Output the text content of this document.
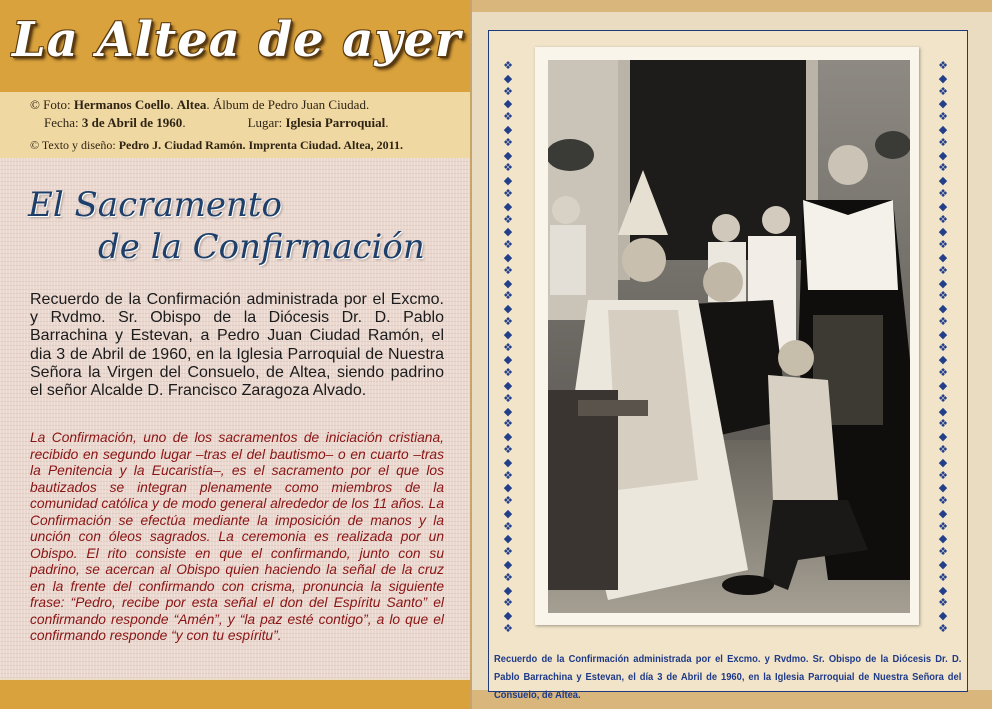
La Altea de ayer
© Foto: Hermanos Coello. Altea. Álbum de Pedro Juan Ciudad.
Fecha: 3 de Abril de 1960.	Lugar: Iglesia Parroquial.
© Texto y diseño: Pedro J. Ciudad Ramón. Imprenta Ciudad. Altea, 2011.
El Sacramento
de la Confirmación
Recuerdo de la Confirmación administrada por el Excmo. y Rvdmo. Sr. Obispo de la Diócesis Dr. D. Pablo Barrachina y Estevan, a Pedro Juan Ciudad Ramón, el dia 3 de Abril de 1960, en la Iglesia Parroquial de Nuestra Señora la Virgen del Consuelo, de Altea, siendo padrino el señor Alcalde D. Francisco Zaragoza Alvado.
La Confirmación, uno de los sacramentos de iniciación cristiana, recibido en segundo lugar –tras el del bautismo– o en cuarto –tras la Penitencia y la Eucaristía–, es el sacramento por el que los bautizados se integran plenamente como miembros de la comunidad católica y de modo general alrededor de los 11 años. La Confirmación se efectúa mediante la imposición de manos y la unción con óleos sagrados. La ceremonia es realizada por un Obispo. El rito consiste en que el confirmando, junto con su padrino, se acercan al Obispo quien haciendo la señal de la cruz en la frente del confirmando con crisma, pronuncia la siguiente frase: “Pedro, recibe por esta señal el don del Espíritu Santo” el confirmando responde “Amén”, y “la paz esté contigo”, a lo que el confirmando responde “y con tu espíritu”.
❖
◆
❖
◆
❖
◆
❖
◆
❖
◆
❖
◆
❖
◆
❖
◆
❖
◆
❖
◆
❖
◆
❖
◆
❖
◆
❖
◆
❖
◆
❖
◆
❖
◆
❖
◆
❖
◆
❖
◆
❖
◆
❖
◆
❖

❖
◆
❖
◆
❖
◆
❖
◆
❖
◆
❖
◆
❖
◆
❖
◆
❖
◆
❖
◆
❖
◆
❖
◆
❖
◆
❖
◆
❖
◆
❖
◆
❖
◆
❖
◆
❖
◆
❖
◆
❖
◆
❖
◆
❖

Recuerdo de la Confirmación administrada por el Excmo. y Rvdmo. Sr. Obispo de la Diócesis Dr. D. Pablo Barrachina y Estevan, el día 3 de Abril de 1960, en la Iglesia Parroquial de Nuestra Señora del Consuelo, de Altea.
